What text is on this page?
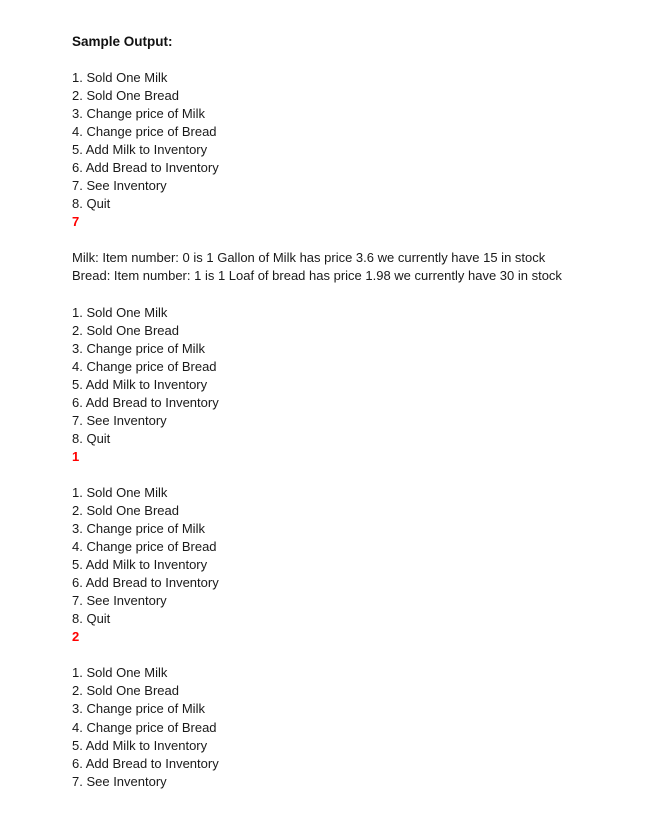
Sample Output:
1. Sold One Milk
2. Sold One Bread
3. Change price of Milk
4. Change price of Bread
5. Add Milk to Inventory
6. Add Bread to Inventory
7. See Inventory
8. Quit
7
Milk: Item number: 0 is 1 Gallon of Milk has price 3.6 we currently have 15 in stock
Bread: Item number: 1 is 1 Loaf of bread has price 1.98 we currently have 30 in stock
1. Sold One Milk
2. Sold One Bread
3. Change price of Milk
4. Change price of Bread
5. Add Milk to Inventory
6. Add Bread to Inventory
7. See Inventory
8. Quit
1
1. Sold One Milk
2. Sold One Bread
3. Change price of Milk
4. Change price of Bread
5. Add Milk to Inventory
6. Add Bread to Inventory
7. See Inventory
8. Quit
2
1. Sold One Milk
2. Sold One Bread
3. Change price of Milk
4. Change price of Bread
5. Add Milk to Inventory
6. Add Bread to Inventory
7. See Inventory
